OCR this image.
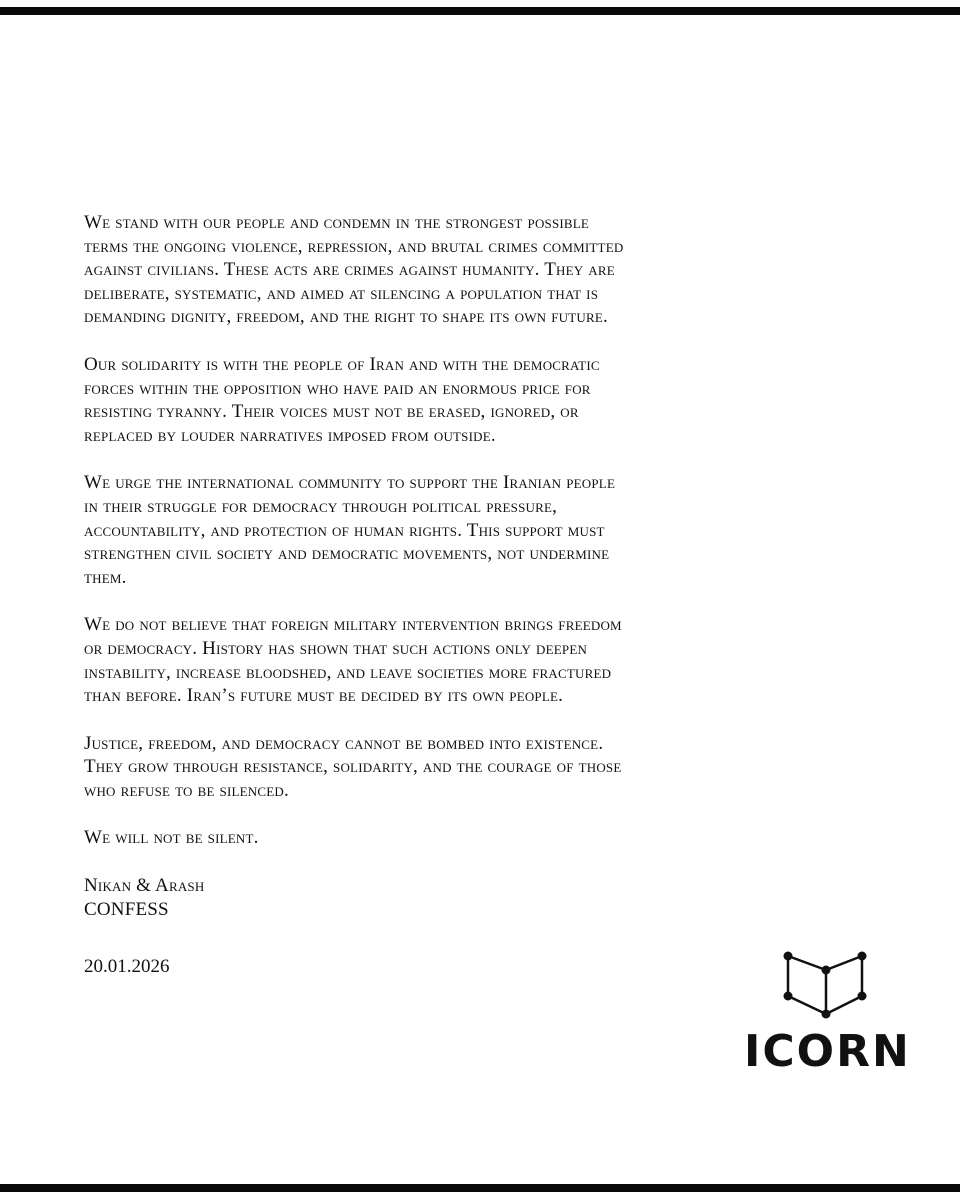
We stand with our people and condemn in the strongest possible
terms the ongoing violence, repression, and brutal crimes committed
against civilians. These acts are crimes against humanity. They are
deliberate, systematic, and aimed at silencing a population that is
demanding dignity, freedom, and the right to shape its own future.

Our solidarity is with the people of Iran and with the democratic
forces within the opposition who have paid an enormous price for
resisting tyranny. Their voices must not be erased, ignored, or
replaced by louder narratives imposed from outside.

We urge the international community to support the Iranian people
in their struggle for democracy through political pressure,
accountability, and protection of human rights. This support must
strengthen civil society and democratic movements, not undermine
them.

We do not believe that foreign military intervention brings freedom
or democracy. History has shown that such actions only deepen
instability, increase bloodshed, and leave societies more fractured
than before. Iran’s future must be decided by its own people.

Justice, freedom, and democracy cannot be bombed into existence.
They grow through resistance, solidarity, and the courage of those
who refuse to be silenced.

We will not be silent.

Nikan & Arash
CONFESS

20.01.2026
ICORN
